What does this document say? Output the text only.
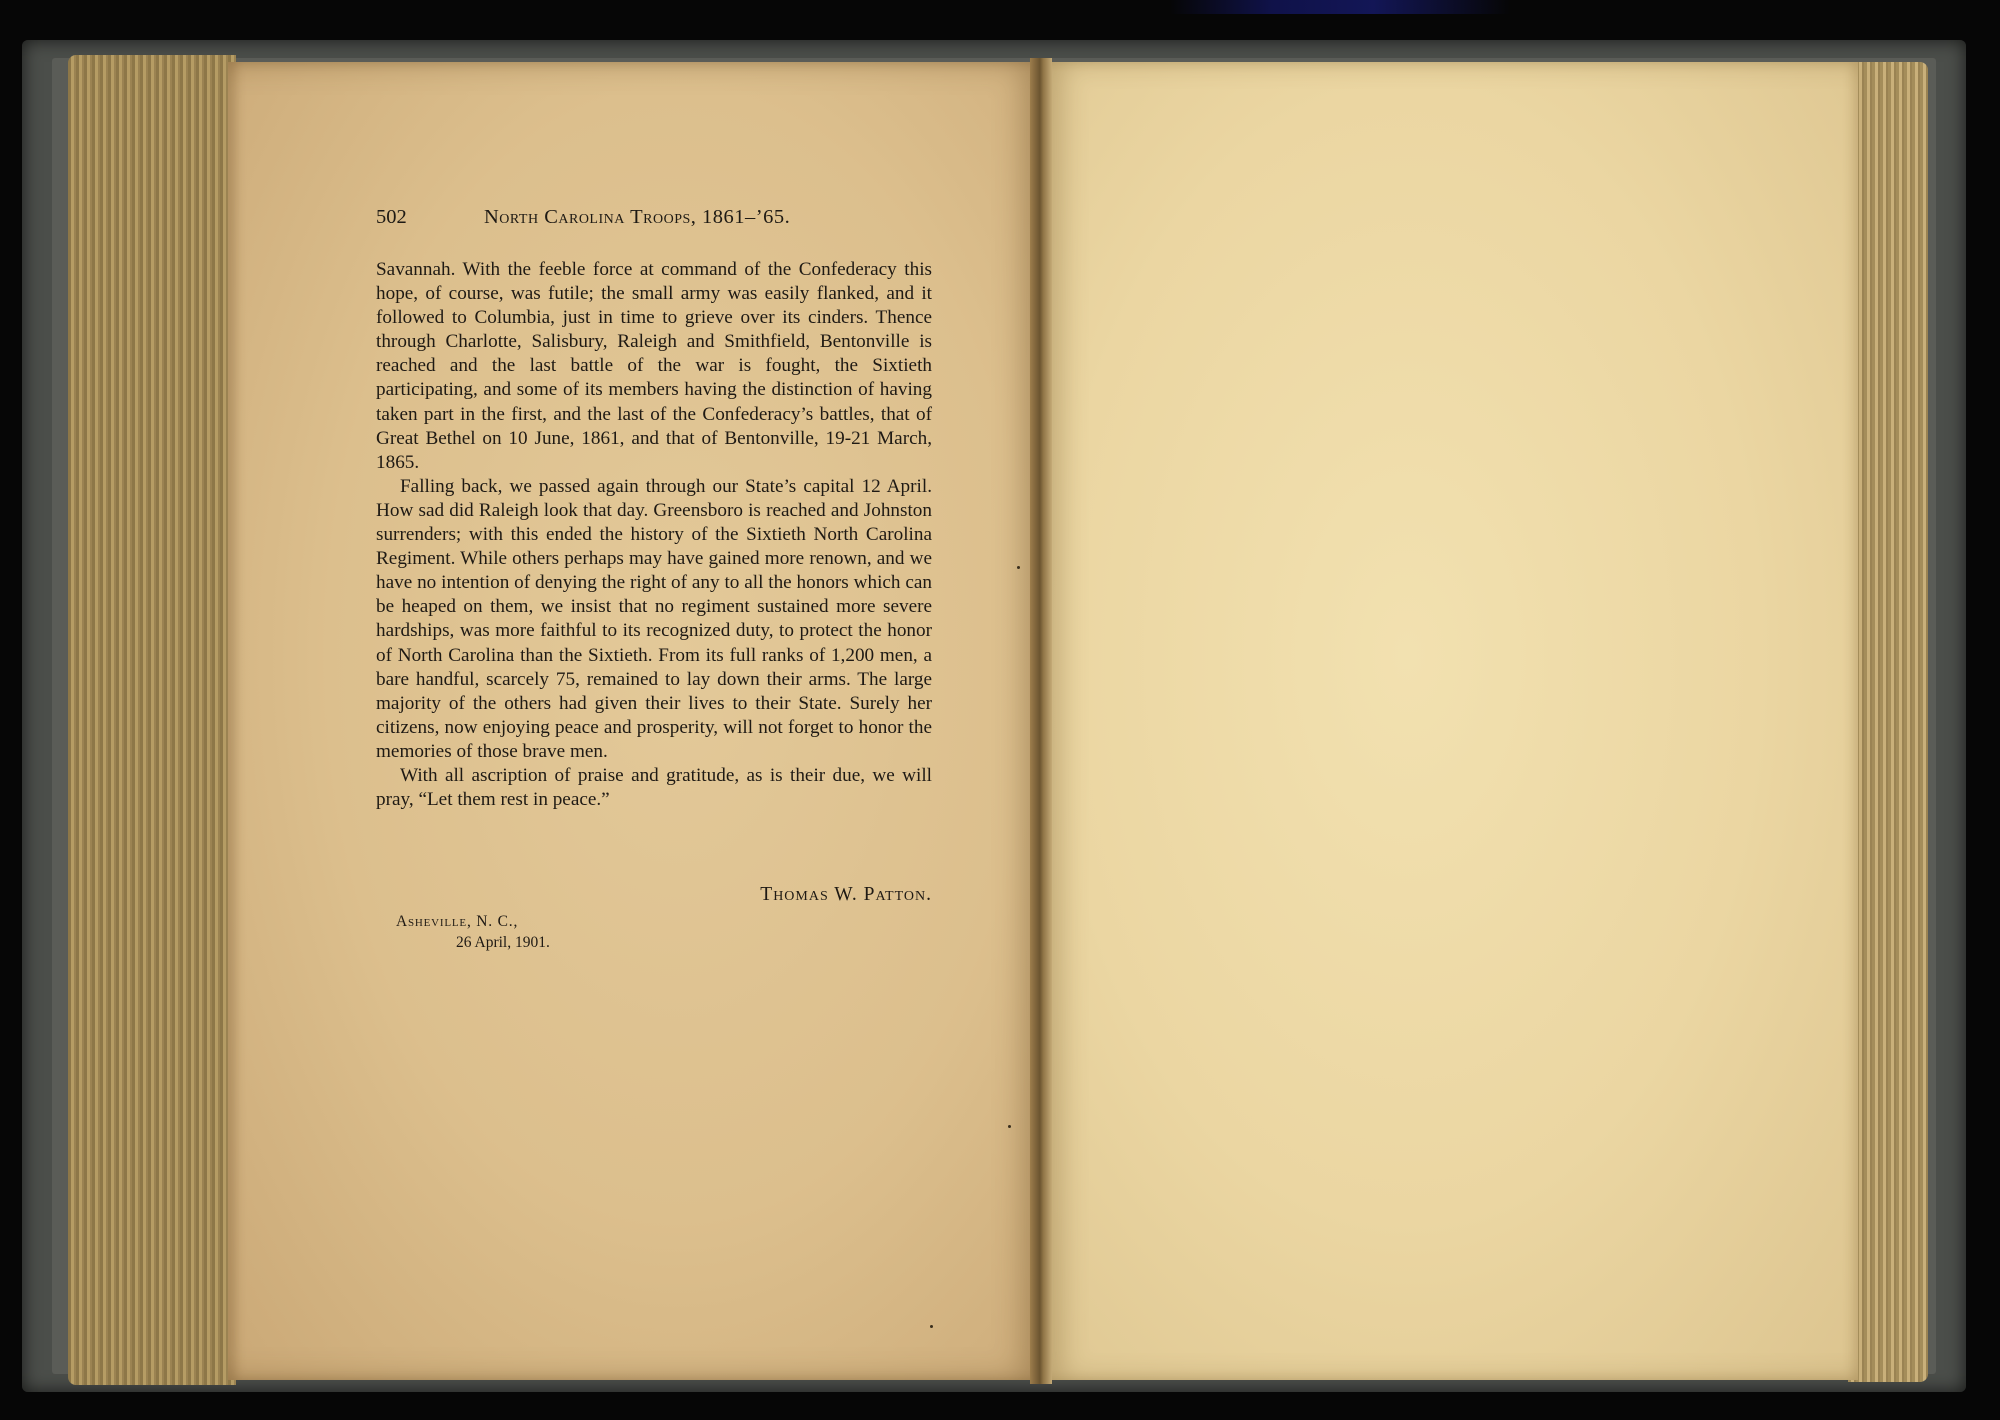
502	North Carolina Troops, 1861–’65.

Savannah. With the feeble force at command of the Confederacy this hope, of course, was futile; the small army was easily flanked, and it followed to Columbia, just in time to grieve over its cinders. Thence through Charlotte, Salisbury, Raleigh and Smithfield, Bentonville is reached and the last battle of the war is fought, the Sixtieth participating, and some of its members having the distinction of having taken part in the first, and the last of the Confederacy’s battles, that of Great Bethel on 10 June, 1861, and that of Bentonville, 19-21 March, 1865.

Falling back, we passed again through our State’s capital 12 April. How sad did Raleigh look that day. Greensboro is reached and Johnston surrenders; with this ended the history of the Sixtieth North Carolina Regiment. While others perhaps may have gained more renown, and we have no intention of denying the right of any to all the honors which can be heaped on them, we insist that no regiment sustained more severe hardships, was more faithful to its recognized duty, to protect the honor of North Carolina than the Sixtieth. From its full ranks of 1,200 men, a bare handful, scarcely 75, remained to lay down their arms. The large majority of the others had given their lives to their State. Surely her citizens, now enjoying peace and prosperity, will not forget to honor the memories of those brave men.

With all ascription of praise and gratitude, as is their due, we will pray, “Let them rest in peace.”

Thomas W. Patton.
Asheville, N. C.,
26 April, 1901.
